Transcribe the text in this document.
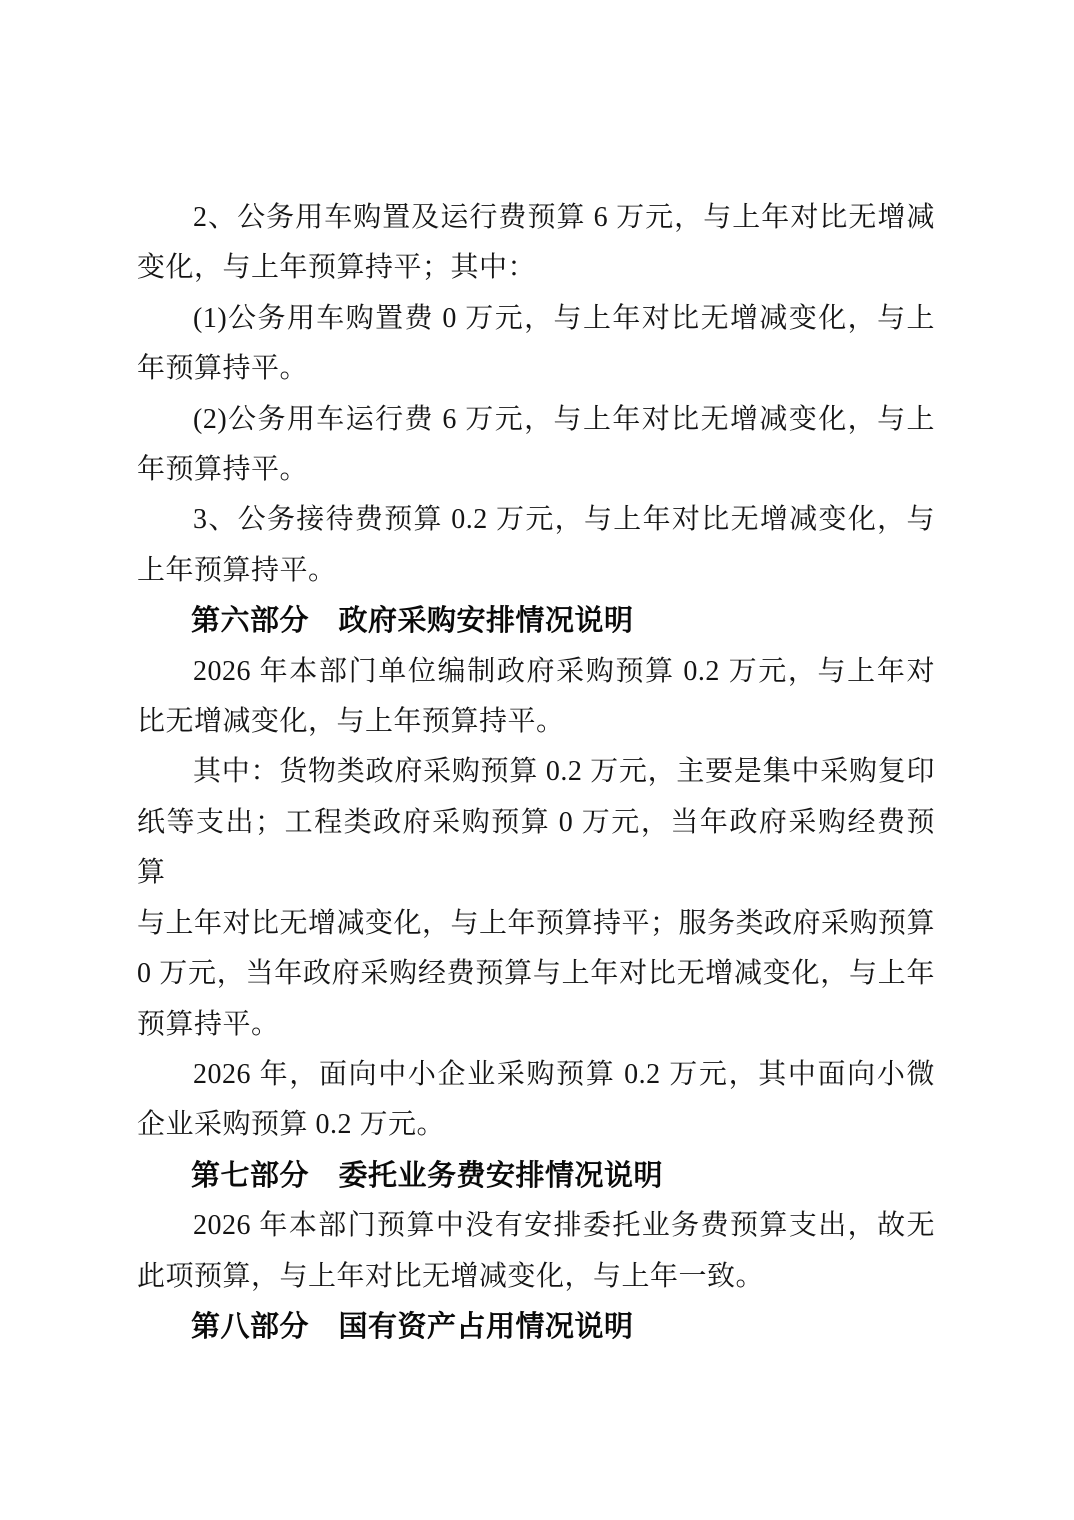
2、公务用车购置及运行费预算 6 万元，与上年对比无增减
变化，与上年预算持平；其中：
(1)公务用车购置费 0 万元，与上年对比无增减变化，与上
年预算持平。
(2)公务用车运行费 6 万元，与上年对比无增减变化，与上
年预算持平。
3、公务接待费预算 0.2 万元，与上年对比无增减变化，与
上年预算持平。
第六部分　政府采购安排情况说明
2026 年本部门单位编制政府采购预算 0.2 万元，与上年对
比无增减变化，与上年预算持平。
其中：货物类政府采购预算 0.2 万元，主要是集中采购复印
纸等支出；工程类政府采购预算 0 万元，当年政府采购经费预算
与上年对比无增减变化，与上年预算持平；服务类政府采购预算
0 万元，当年政府采购经费预算与上年对比无增减变化，与上年
预算持平。
2026 年，面向中小企业采购预算 0.2 万元，其中面向小微
企业采购预算 0.2 万元。
第七部分　委托业务费安排情况说明
2026 年本部门预算中没有安排委托业务费预算支出，故无
此项预算，与上年对比无增减变化，与上年一致。
第八部分　国有资产占用情况说明
